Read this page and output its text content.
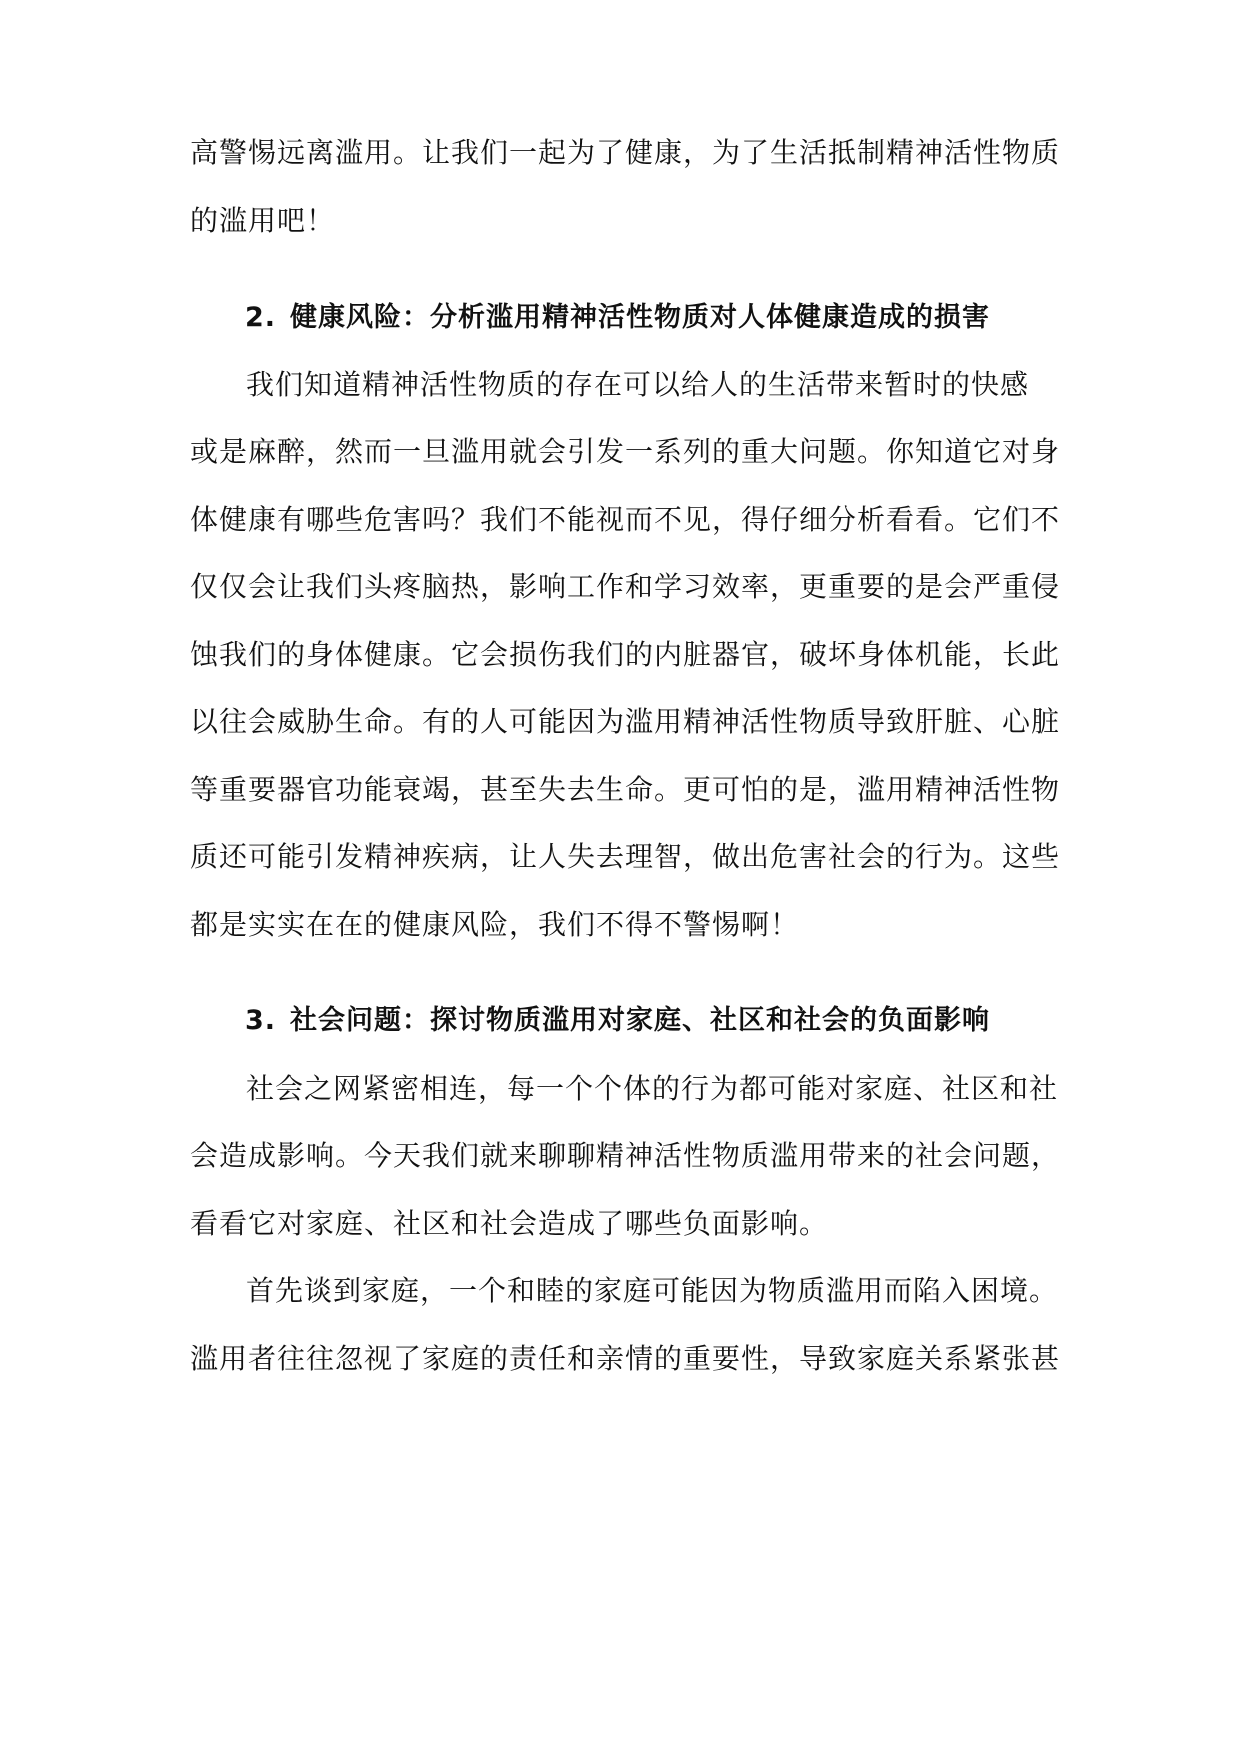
高警惕远离滥用。让我们一起为了健康，为了生活抵制精神活性物质
的滥用吧！
2. 健康风险：分析滥用精神活性物质对人体健康造成的损害
我们知道精神活性物质的存在可以给人的生活带来暂时的快感
或是麻醉，然而一旦滥用就会引发一系列的重大问题。你知道它对身
体健康有哪些危害吗？我们不能视而不见，得仔细分析看看。它们不
仅仅会让我们头疼脑热，影响工作和学习效率，更重要的是会严重侵
蚀我们的身体健康。它会损伤我们的内脏器官，破坏身体机能，长此
以往会威胁生命。有的人可能因为滥用精神活性物质导致肝脏、心脏
等重要器官功能衰竭，甚至失去生命。更可怕的是，滥用精神活性物
质还可能引发精神疾病，让人失去理智，做出危害社会的行为。这些
都是实实在在的健康风险，我们不得不警惕啊！
3. 社会问题：探讨物质滥用对家庭、社区和社会的负面影响
社会之网紧密相连，每一个个体的行为都可能对家庭、社区和社
会造成影响。今天我们就来聊聊精神活性物质滥用带来的社会问题，
看看它对家庭、社区和社会造成了哪些负面影响。
首先谈到家庭，一个和睦的家庭可能因为物质滥用而陷入困境。
滥用者往往忽视了家庭的责任和亲情的重要性，导致家庭关系紧张甚
